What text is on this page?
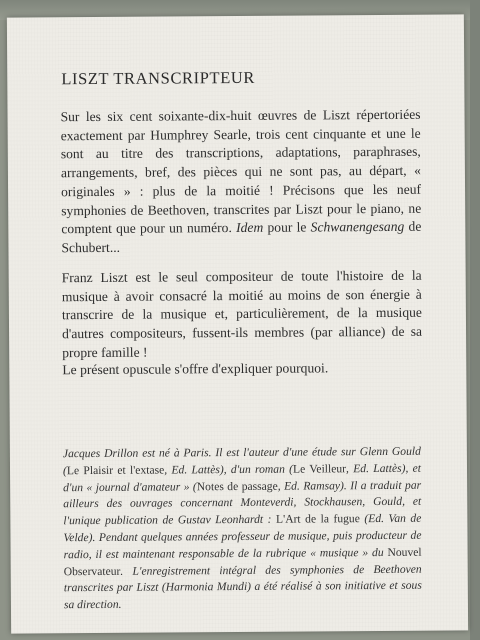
LISZT TRANSCRIPTEUR

Sur les six cent soixante-dix-huit œuvres de Liszt répertoriées exactement par Humphrey Searle, trois cent cinquante et une le sont au titre des transcriptions, adaptations, paraphrases, arrangements, bref, des pièces qui ne sont pas, au départ, « originales » : plus de la moitié ! Précisons que les neuf symphonies de Beethoven, transcrites par Liszt pour le piano, ne comptent que pour un numéro. Idem pour le Schwanengesang de Schubert...

Franz Liszt est le seul compositeur de toute l'histoire de la musique à avoir consacré la moitié au moins de son énergie à transcrire de la musique et, particulièrement, de la musique d'autres compositeurs, fussent-ils membres (par alliance) de sa propre famille !

Le présent opuscule s'offre d'expliquer pourquoi.

Jacques Drillon est né à Paris. Il est l'auteur d'une étude sur Glenn Gould (Le Plaisir et l'extase, Ed. Lattès), d'un roman (Le Veilleur, Ed. Lattès), et d'un « journal d'amateur » (Notes de passage, Ed. Ramsay). Il a traduit par ailleurs des ouvrages concernant Monteverdi, Stockhausen, Gould, et l'unique publication de Gustav Leonhardt : L'Art de la fugue (Ed. Van de Velde). Pendant quelques années professeur de musique, puis producteur de radio, il est maintenant responsable de la rubrique « musique » du Nouvel Observateur. L'enregistrement intégral des symphonies de Beethoven transcrites par Liszt (Harmonia Mundi) a été réalisé à son initiative et sous sa direction.
